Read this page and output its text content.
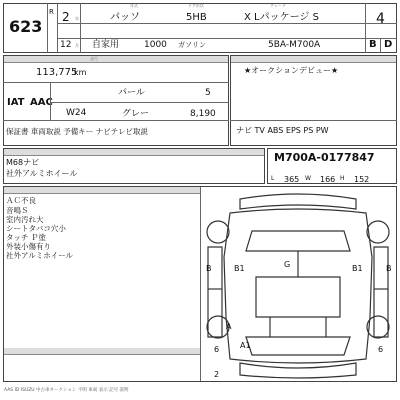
623
R
年式	ドア形状	グレード
2 年	パッソ	5HB	X Lパッケージ S	4
12 月 自家用	1000 ガソリン	5BA-M700A	B D
走行
113,775
km
IAT AAC
パール	5
W24	グレー	8,190
保証書 車両取説 予備キー ナビテレビ取説
★オークションデビュー★
ナビ TV ABS EPS PS PW
M68ナビ
社外アルミホイール
M700A-0177847
L 365 W 166 H 152
ＡＣ不良
音鳴Ｓ
室内汚れ大
シートタバコ穴小
タッチ Ｐ塗
外装小傷有り
社外アルミホイール
G
B1	B1
A
A1
B	B
6	6
2
AAS ID ISUZU 中古車オークション 不明 車両 表示 記号 説明
